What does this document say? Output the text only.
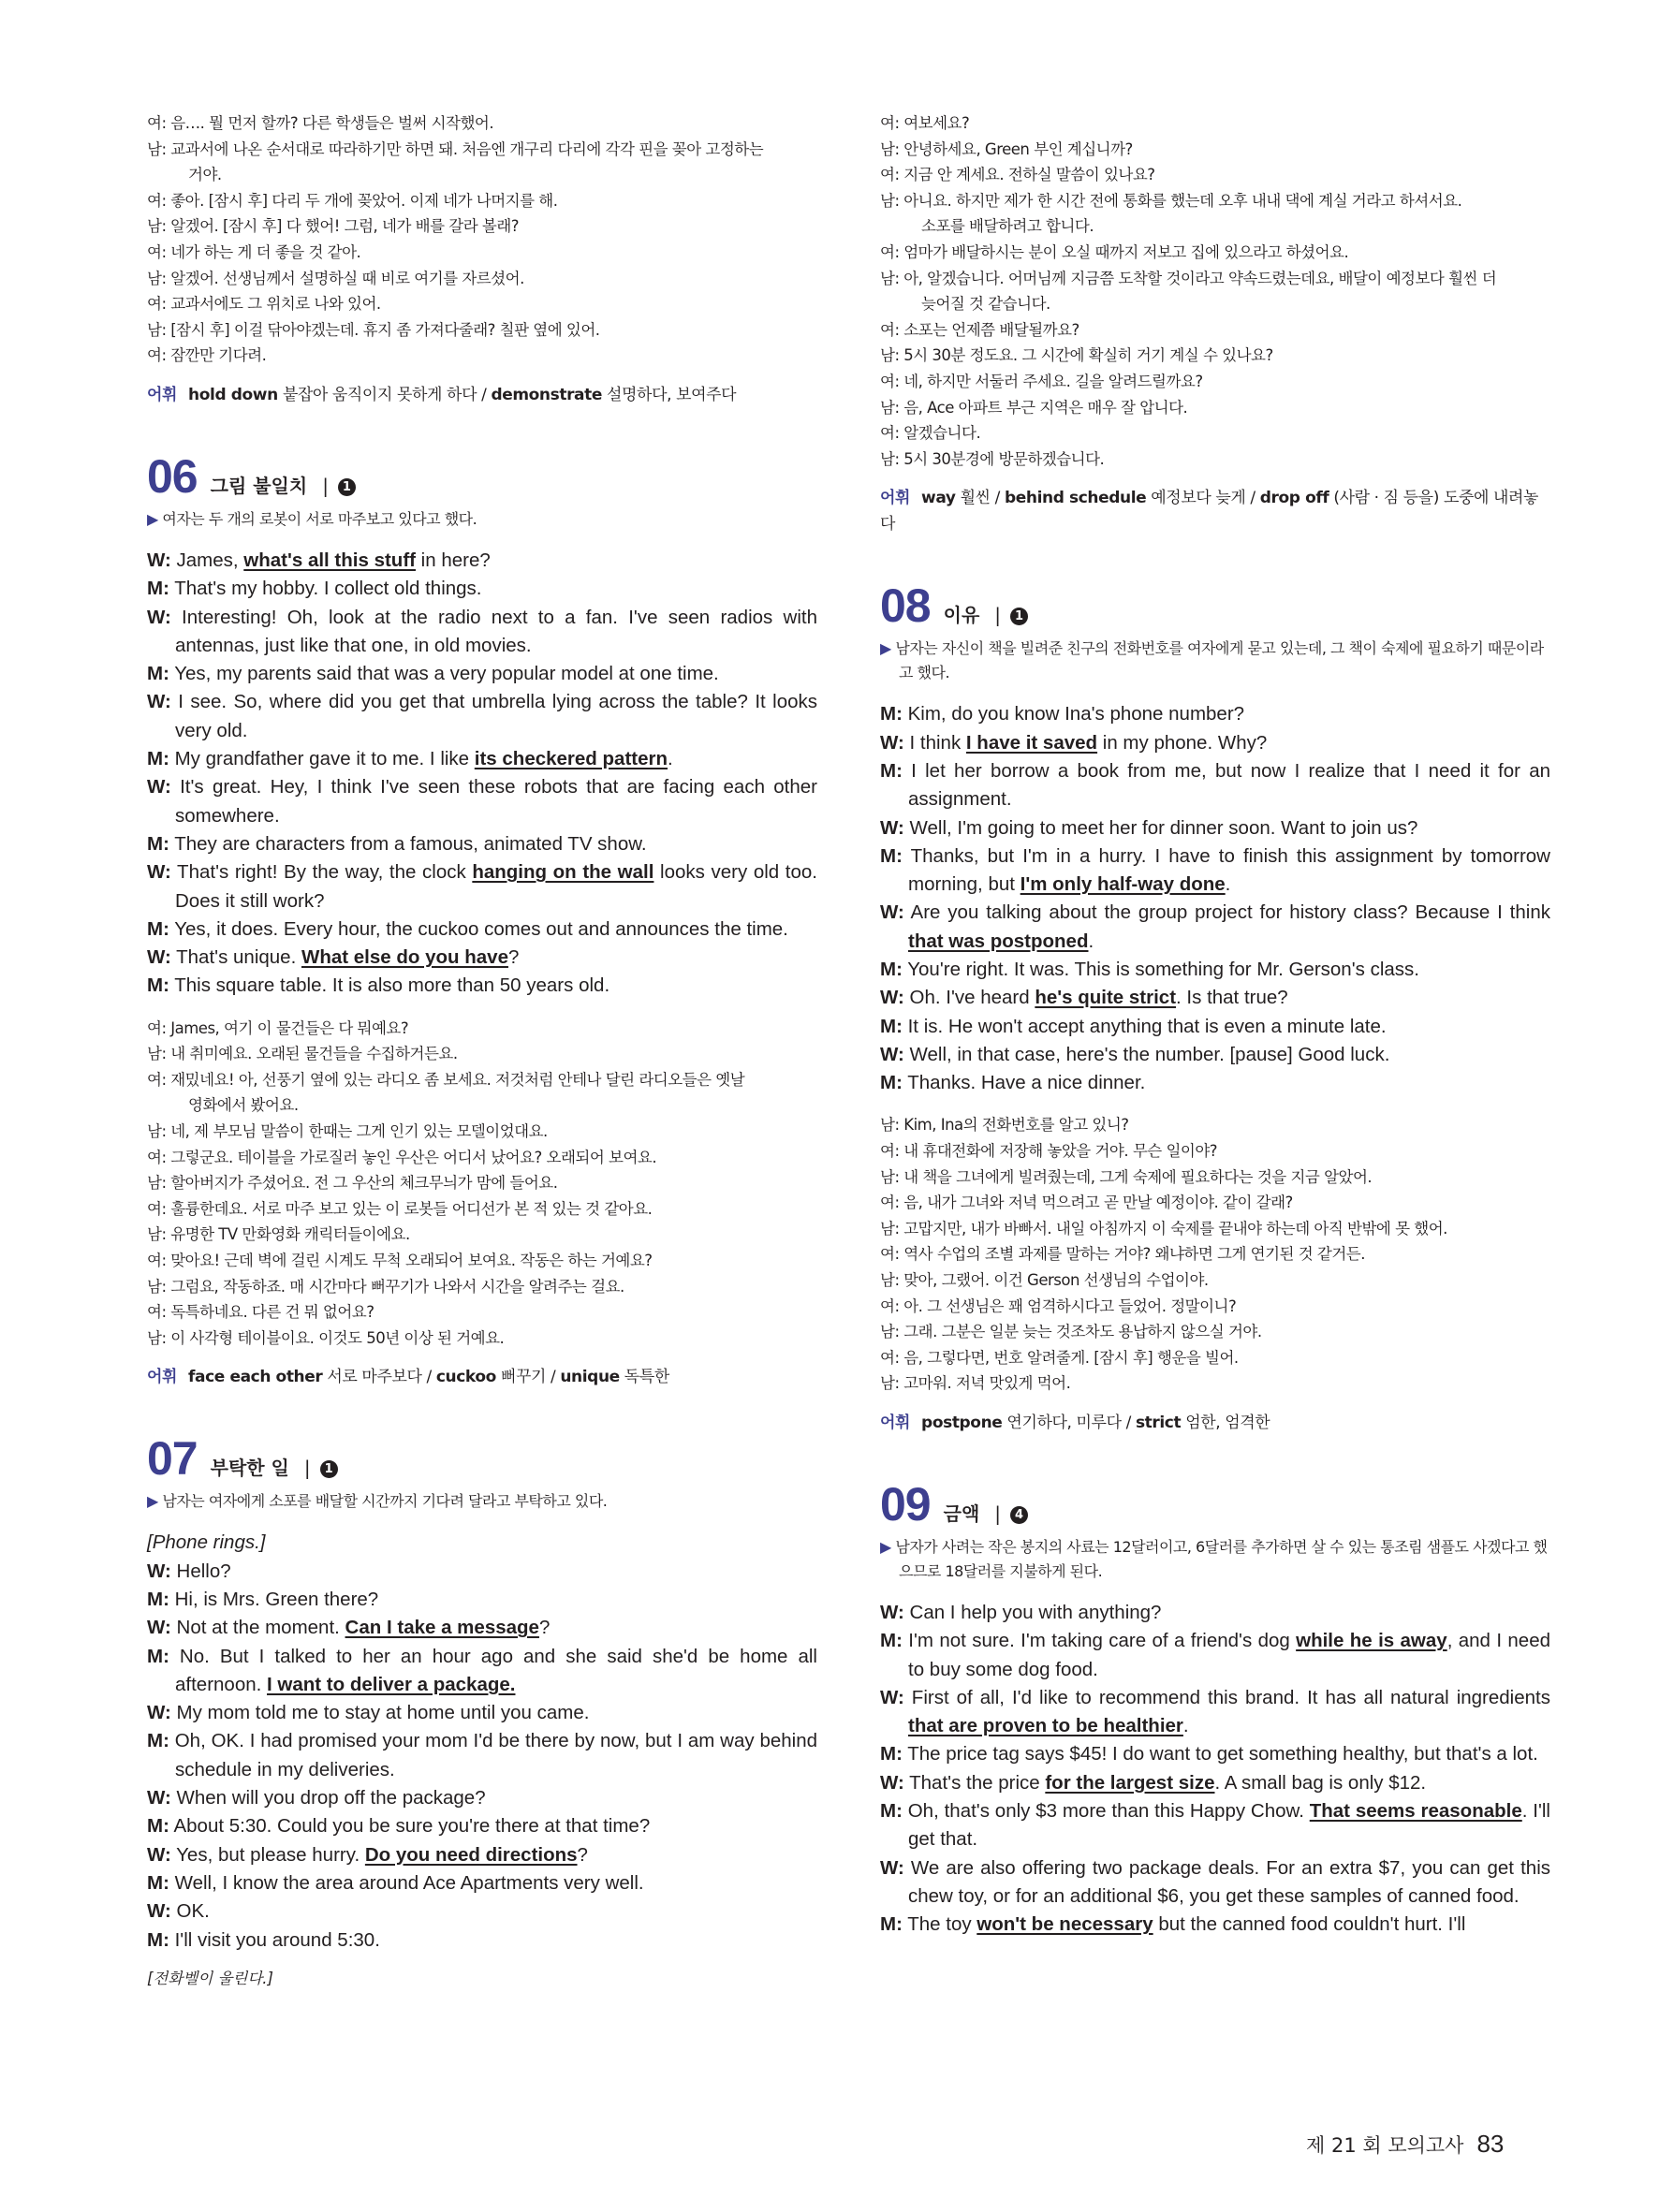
여: 음…. 뭘 먼저 할까? 다른 학생들은 벌써 시작했어.
남: 교과서에 나온 순서대로 따라하기만 하면 돼. 처음엔 개구리 다리에 각각 핀을 꽂아 고정하는
거야.
여: 좋아. [잠시 후] 다리 두 개에 꽂았어. 이제 네가 나머지를 해.
남: 알겠어. [잠시 후] 다 했어! 그럼, 네가 배를 갈라 볼래?
여: 네가 하는 게 더 좋을 것 같아.
남: 알겠어. 선생님께서 설명하실 때 비로 여기를 자르셨어.
여: 교과서에도 그 위치로 나와 있어.
남: [잠시 후] 이걸 닦아야겠는데. 휴지 좀 가져다줄래? 칠판 옆에 있어.
여: 잠깐만 기다려.
어휘 hold down 붙잡아 움직이지 못하게 하다 / demonstrate 설명하다, 보여주다
06 그림 불일치 |	1
▶ 여자는 두 개의 로봇이 서로 마주보고 있다고 했다.
W: James, what's all this stuff in here?
M: That's my hobby. I collect old things.
W: Interesting! Oh, look at the radio next to a fan. I've seen radios with antennas, just like that one, in old movies.
M: Yes, my parents said that was a very popular model at one time.
W: I see. So, where did you get that umbrella lying across the table? It looks very old.
M: My grandfather gave it to me. I like its checkered pattern.
W: It's great. Hey, I think I've seen these robots that are facing each other somewhere.
M: They are characters from a famous, animated TV show.
W: That's right! By the way, the clock hanging on the wall looks very old too. Does it still work?
M: Yes, it does. Every hour, the cuckoo comes out and announces the time.
W: That's unique. What else do you have?
M: This square table. It is also more than 50 years old.
여: James, 여기 이 물건들은 다 뭐예요?
남: 내 취미예요. 오래된 물건들을 수집하거든요.
여: 재밌네요! 아, 선풍기 옆에 있는 라디오 좀 보세요. 저것처럼 안테나 달린 라디오들은 옛날
영화에서 봤어요.
남: 네, 제 부모님 말씀이 한때는 그게 인기 있는 모델이었대요.
여: 그렇군요. 테이블을 가로질러 놓인 우산은 어디서 났어요? 오래되어 보여요.
남: 할아버지가 주셨어요. 전 그 우산의 체크무늬가 맘에 들어요.
여: 훌륭한데요. 서로 마주 보고 있는 이 로봇들 어디선가 본 적 있는 것 같아요.
남: 유명한 TV 만화영화 캐릭터들이에요.
여: 맞아요! 근데 벽에 걸린 시계도 무척 오래되어 보여요. 작동은 하는 거예요?
남: 그럼요, 작동하죠. 매 시간마다 뻐꾸기가 나와서 시간을 알려주는 걸요.
여: 독특하네요. 다른 건 뭐 없어요?
남: 이 사각형 테이블이요. 이것도 50년 이상 된 거예요.
어휘 face each other 서로 마주보다 / cuckoo 뻐꾸기 / unique 독특한
07 부탁한 일 |	1
▶ 남자는 여자에게 소포를 배달할 시간까지 기다려 달라고 부탁하고 있다.
[Phone rings.]
W: Hello?
M: Hi, is Mrs. Green there?
W: Not at the moment. Can I take a message?
M: No. But I talked to her an hour ago and she said she'd be home all afternoon. I want to deliver a package.
W: My mom told me to stay at home until you came.
M: Oh, OK. I had promised your mom I'd be there by now, but I am way behind schedule in my deliveries.
W: When will you drop off the package?
M: About 5:30. Could you be sure you're there at that time?
W: Yes, but please hurry. Do you need directions?
M: Well, I know the area around Ace Apartments very well.
W: OK.
M: I'll visit you around 5:30.
[전화벨이 울린다.]
여: 여보세요?
남: 안녕하세요, Green 부인 계십니까?
여: 지금 안 계세요. 전하실 말씀이 있나요?
남: 아니요. 하지만 제가 한 시간 전에 통화를 했는데 오후 내내 댁에 계실 거라고 하셔서요.
소포를 배달하려고 합니다.
여: 엄마가 배달하시는 분이 오실 때까지 저보고 집에 있으라고 하셨어요.
남: 아, 알겠습니다. 어머님께 지금쯤 도착할 것이라고 약속드렸는데요, 배달이 예정보다 훨씬 더
늦어질 것 같습니다.
여: 소포는 언제쯤 배달될까요?
남: 5시 30분 정도요. 그 시간에 확실히 거기 계실 수 있나요?
여: 네, 하지만 서둘러 주세요. 길을 알려드릴까요?
남: 음, Ace 아파트 부근 지역은 매우 잘 압니다.
여: 알겠습니다.
남: 5시 30분경에 방문하겠습니다.
어휘 way 훨씬 / behind schedule 예정보다 늦게 / drop off (사람 · 짐 등을) 도중에 내려놓다
08 이유 |	1
▶ 남자는 자신이 책을 빌려준 친구의 전화번호를 여자에게 묻고 있는데, 그 책이 숙제에 필요하기 때문이라고 했다.
M: Kim, do you know Ina's phone number?
W: I think I have it saved in my phone. Why?
M: I let her borrow a book from me, but now I realize that I need it for an assignment.
W: Well, I'm going to meet her for dinner soon. Want to join us?
M: Thanks, but I'm in a hurry. I have to finish this assignment by tomorrow morning, but I'm only half-way done.
W: Are you talking about the group project for history class? Because I think that was postponed.
M: You're right. It was. This is something for Mr. Gerson's class.
W: Oh. I've heard he's quite strict. Is that true?
M: It is. He won't accept anything that is even a minute late.
W: Well, in that case, here's the number. [pause] Good luck.
M: Thanks. Have a nice dinner.
남: Kim, Ina의 전화번호를 알고 있니?
여: 내 휴대전화에 저장해 놓았을 거야. 무슨 일이야?
남: 내 책을 그녀에게 빌려줬는데, 그게 숙제에 필요하다는 것을 지금 알았어.
여: 음, 내가 그녀와 저녁 먹으려고 곧 만날 예정이야. 같이 갈래?
남: 고맙지만, 내가 바빠서. 내일 아침까지 이 숙제를 끝내야 하는데 아직 반밖에 못 했어.
여: 역사 수업의 조별 과제를 말하는 거야? 왜냐하면 그게 연기된 것 같거든.
남: 맞아, 그랬어. 이건 Gerson 선생님의 수업이야.
여: 아. 그 선생님은 꽤 엄격하시다고 들었어. 정말이니?
남: 그래. 그분은 일분 늦는 것조차도 용납하지 않으실 거야.
여: 음, 그렇다면, 번호 알려줄게. [잠시 후] 행운을 빌어.
남: 고마워. 저녁 맛있게 먹어.
어휘 postpone 연기하다, 미루다 / strict 엄한, 엄격한
09 금액 |	4
▶ 남자가 사려는 작은 봉지의 사료는 12달러이고, 6달러를 추가하면 살 수 있는 통조림 샘플도 사겠다고 했으므로 18달러를 지불하게 된다.
W: Can I help you with anything?
M: I'm not sure. I'm taking care of a friend's dog while he is away, and I need to buy some dog food.
W: First of all, I'd like to recommend this brand. It has all natural ingredients that are proven to be healthier.
M: The price tag says $45! I do want to get something healthy, but that's a lot.
W: That's the price for the largest size. A small bag is only $12.
M: Oh, that's only $3 more than this Happy Chow. That seems reasonable. I'll get that.
W: We are also offering two package deals. For an extra $7, you can get this chew toy, or for an additional $6, you get these samples of canned food.
M: The toy won't be necessary but the canned food couldn't hurt. I'll
제 21 회 모의고사 83
